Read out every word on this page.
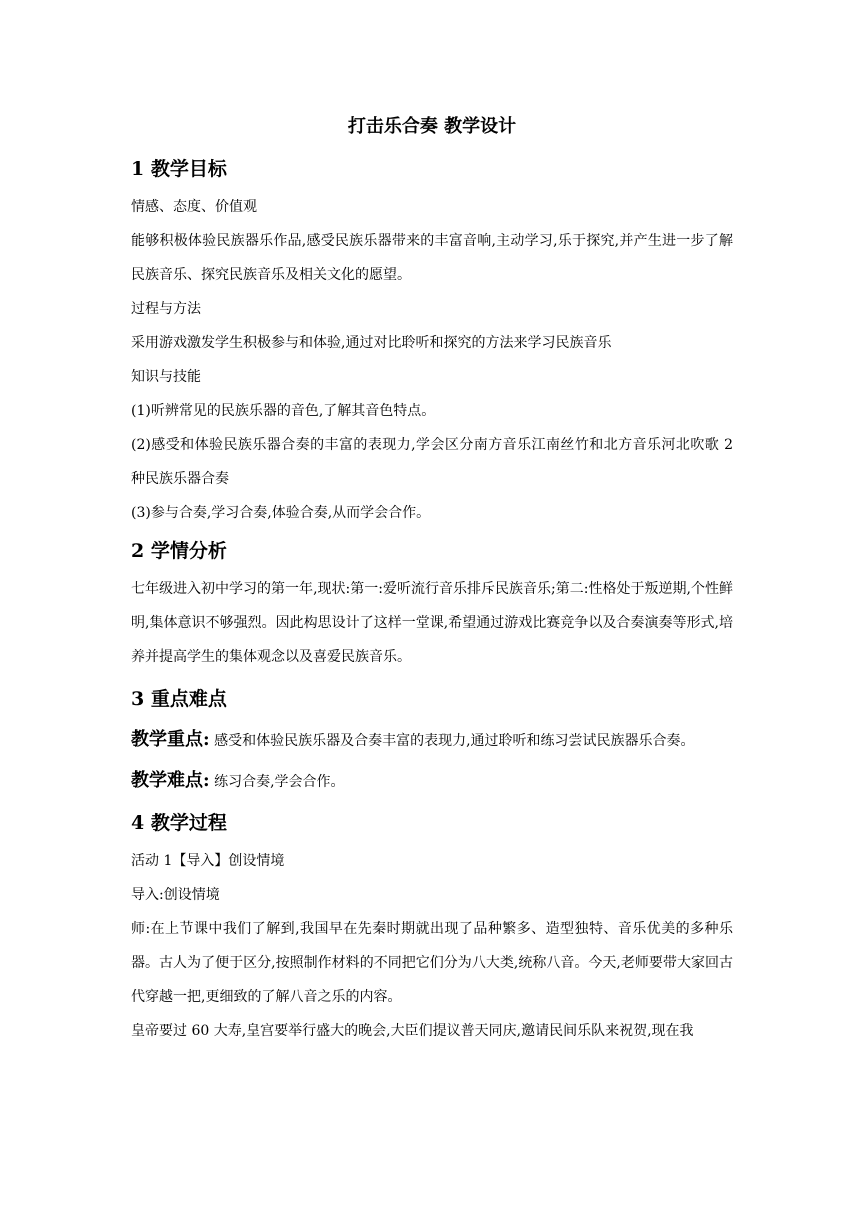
打击乐合奏 教学设计
1 教学目标

情感、态度、价值观

能够积极体验民族器乐作品,感受民族乐器带来的丰富音响,主动学习,乐于探究,并产生进一步了解民族音乐、探究民族音乐及相关文化的愿望。

过程与方法

采用游戏激发学生积极参与和体验,通过对比聆听和探究的方法来学习民族音乐

知识与技能

(1)听辨常见的民族乐器的音色,了解其音色特点。

(2)感受和体验民族乐器合奏的丰富的表现力,学会区分南方音乐江南丝竹和北方音乐河北吹歌 2 种民族乐器合奏

(3)参与合奏,学习合奏,体验合奏,从而学会合作。

2 学情分析

七年级进入初中学习的第一年,现状:第一:爱听流行音乐排斥民族音乐;第二:性格处于叛逆期,个性鲜明,集体意识不够强烈。因此构思设计了这样一堂课,希望通过游戏比赛竞争以及合奏演奏等形式,培养并提高学生的集体观念以及喜爱民族音乐。

3 重点难点

教学重点: 感受和体验民族乐器及合奏丰富的表现力,通过聆听和练习尝试民族器乐合奏。

教学难点: 练习合奏,学会合作。

4 教学过程

活动 1【导入】创设情境

导入:创设情境

师:在上节课中我们了解到,我国早在先秦时期就出现了品种繁多、造型独特、音乐优美的多种乐器。古人为了便于区分,按照制作材料的不同把它们分为八大类,统称八音。今天,老师要带大家回古代穿越一把,更细致的了解八音之乐的内容。

皇帝要过 60 大寿,皇宫要举行盛大的晚会,大臣们提议普天同庆,邀请民间乐队来祝贺,现在我
